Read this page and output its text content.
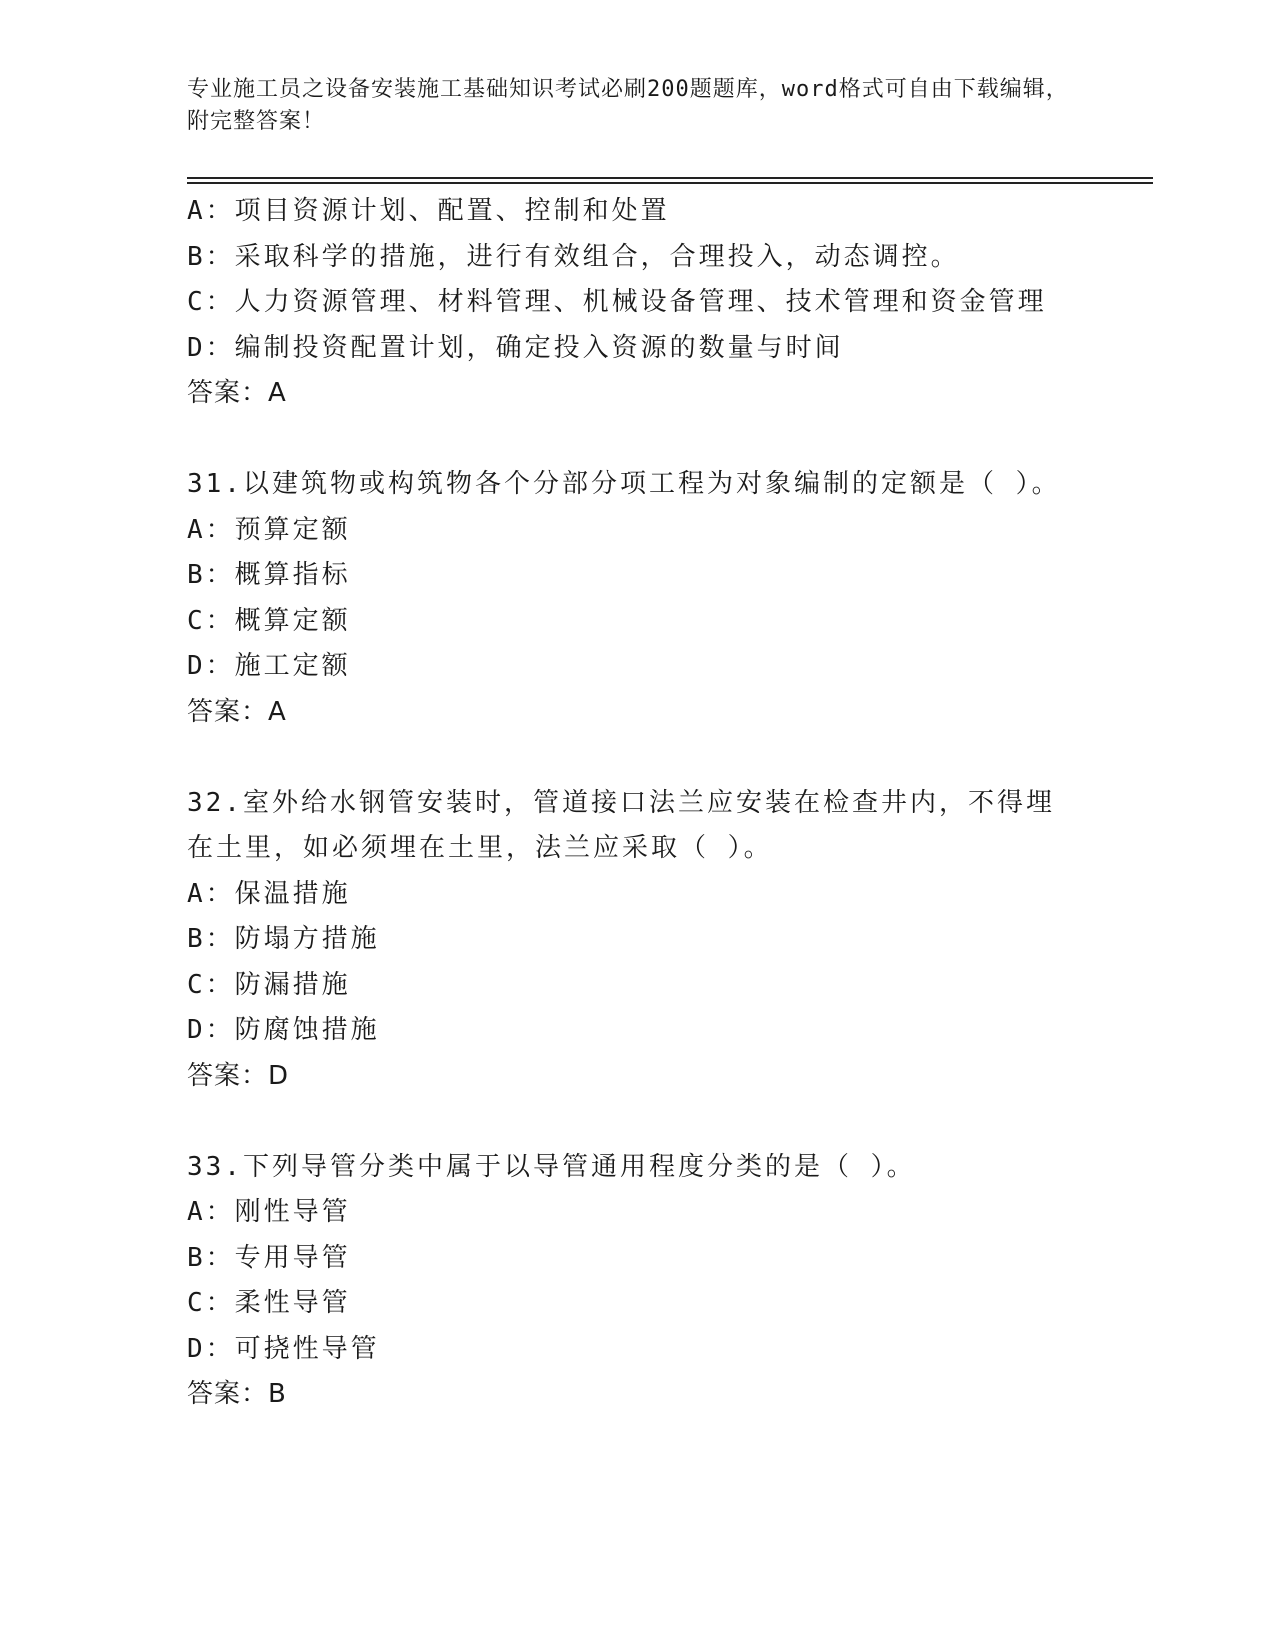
专业施工员之设备安装施工基础知识考试必刷200题题库，word格式可自由下载编辑，附完整答案！
A：项目资源计划、配置、控制和处置
B：采取科学的措施，进行有效组合，合理投入，动态调控。
C：人力资源管理、材料管理、机械设备管理、技术管理和资金管理
D：编制投资配置计划，确定投入资源的数量与时间
答案：A
31.以建筑物或构筑物各个分部分项工程为对象编制的定额是（ ）。
A：预算定额
B：概算指标
C：概算定额
D：施工定额
答案：A
32.室外给水钢管安装时，管道接口法兰应安装在检查井内，不得埋在土里，如必须埋在土里，法兰应采取（ ）。
A：保温措施
B：防塌方措施
C：防漏措施
D：防腐蚀措施
答案：D
33.下列导管分类中属于以导管通用程度分类的是（ ）。
A：刚性导管
B：专用导管
C：柔性导管
D：可挠性导管
答案：B
